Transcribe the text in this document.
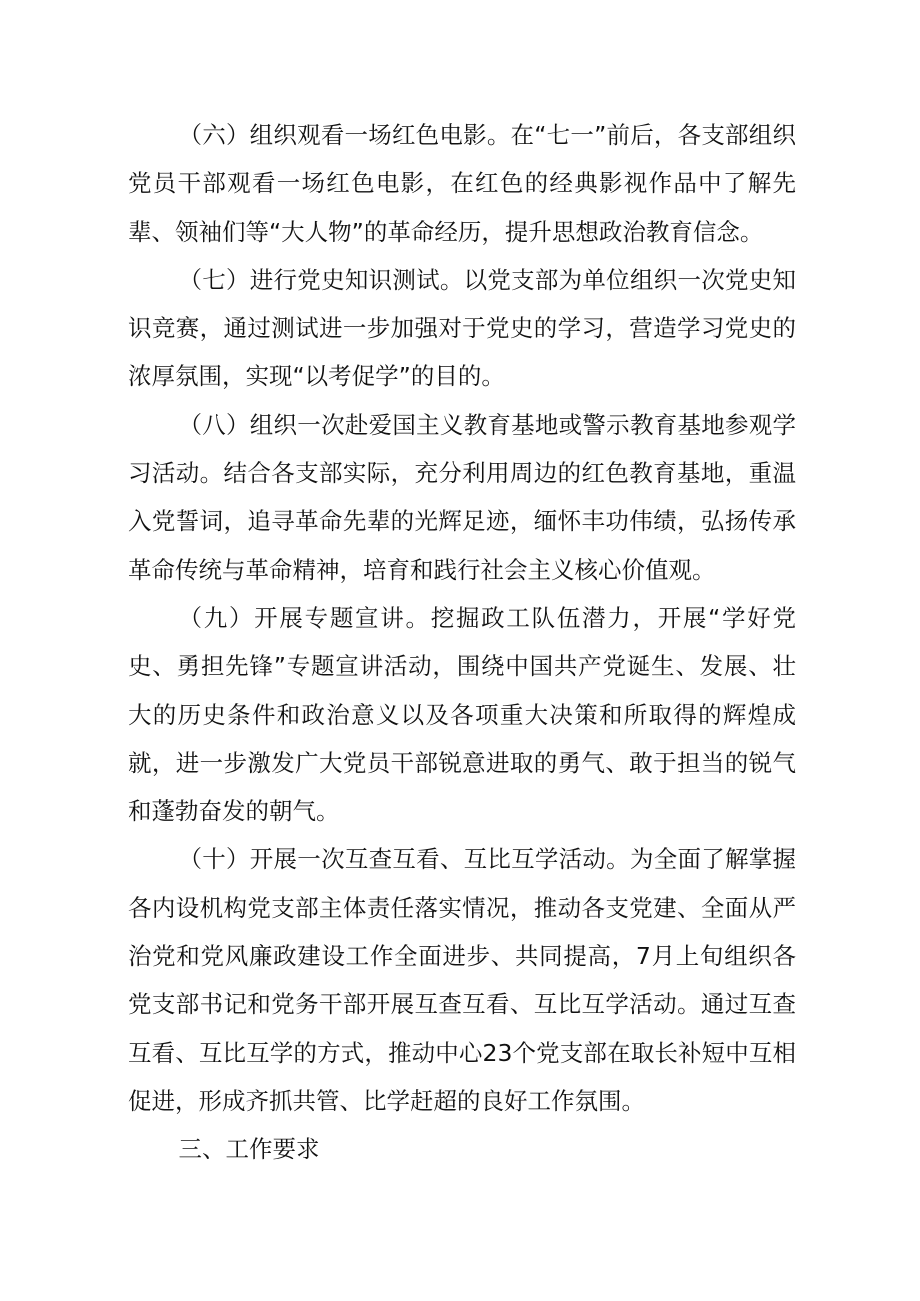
（六）组织观看一场红色电影。在“七一”前后，各支部组织党员干部观看一场红色电影，在红色的经典影视作品中了解先辈、领袖们等“大人物”的革命经历，提升思想政治教育信念。

（七）进行党史知识测试。以党支部为单位组织一次党史知识竞赛，通过测试进一步加强对于党史的学习，营造学习党史的浓厚氛围，实现“以考促学”的目的。

（八）组织一次赴爱国主义教育基地或警示教育基地参观学习活动。结合各支部实际，充分利用周边的红色教育基地，重温入党誓词，追寻革命先辈的光辉足迹，缅怀丰功伟绩，弘扬传承革命传统与革命精神，培育和践行社会主义核心价值观。

（九）开展专题宣讲。挖掘政工队伍潜力，开展“学好党史、勇担先锋”专题宣讲活动，围绕中国共产党诞生、发展、壮大的历史条件和政治意义以及各项重大决策和所取得的辉煌成就，进一步激发广大党员干部锐意进取的勇气、敢于担当的锐气和蓬勃奋发的朝气。

（十）开展一次互查互看、互比互学活动。为全面了解掌握各内设机构党支部主体责任落实情况，推动各支党建、全面从严治党和党风廉政建设工作全面进步、共同提高，7月上旬组织各党支部书记和党务干部开展互查互看、互比互学活动。通过互查互看、互比互学的方式，推动中心23个党支部在取长补短中互相促进，形成齐抓共管、比学赶超的良好工作氛围。

三、工作要求
